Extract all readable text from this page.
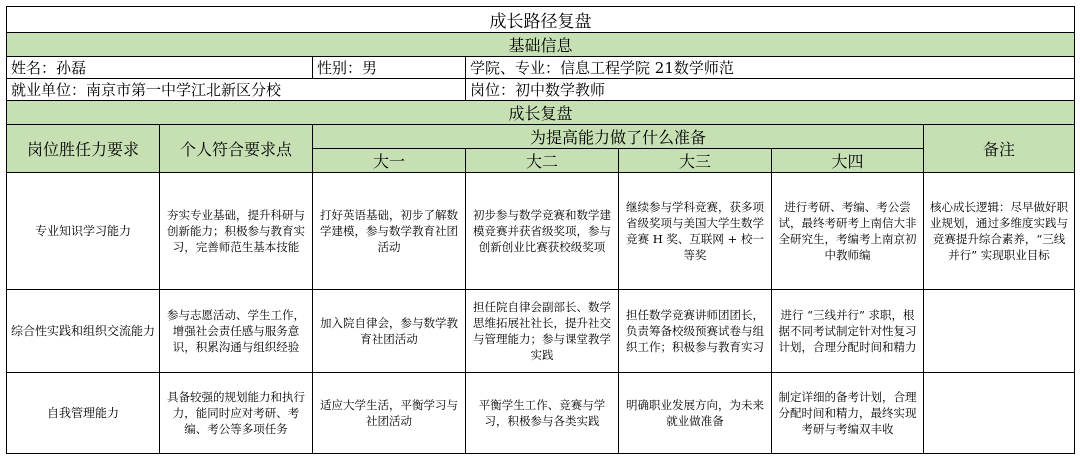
成长路径复盘						
基础信息						
姓名：孙磊		性别：男	学院、专业：信息工程学院 21数学师范			
就业单位：南京市第一中学江北新区分校			岗位：初中数学教师			
成长复盘						
岗位胜任力要求	个人符合要求点	为提高能力做了什么准备				备注
		大一	大二	大三	大四	
专业知识学习能力	夯实专业基础，提升科研与创新能力；积极参与教育实习，完善师范生基本技能	打好英语基础，初步了解数学建模，参与数学教育社团活动	初步参与数学竞赛和数学建模竞赛并获省级奖项，参与创新创业比赛获校级奖项	继续参与学科竞赛，获多项省级奖项与美国大学生数学竞赛 H 奖、互联网 + 校一等奖	进行考研、考编、考公尝试，最终考研考上南信大非全研究生，考编考上南京初中教师编	核心成长逻辑：尽早做好职业规划，通过多维度实践与竞赛提升综合素养，“三线并行” 实现职业目标
综合性实践和组织交流能力	参与志愿活动、学生工作，增强社会责任感与服务意识，积累沟通与组织经验	加入院自律会，参与数学教育社团活动	担任院自律会副部长、数学思维拓展社社长，提升社交与管理能力；参与课堂教学实践	担任数学竞赛讲师团团长，负责筹备校级预赛试卷与组织工作；积极参与教育实习	进行 “三线并行” 求职，根据不同考试制定针对性复习计划，合理分配时间和精力	
自我管理能力	具备较强的规划能力和执行力，能同时应对考研、考编、考公等多项任务	适应大学生活，平衡学习与社团活动	平衡学生工作、竞赛与学习，积极参与各类实践	明确职业发展方向，为未来就业做准备	制定详细的备考计划，合理分配时间和精力，最终实现考研与考编双丰收	
